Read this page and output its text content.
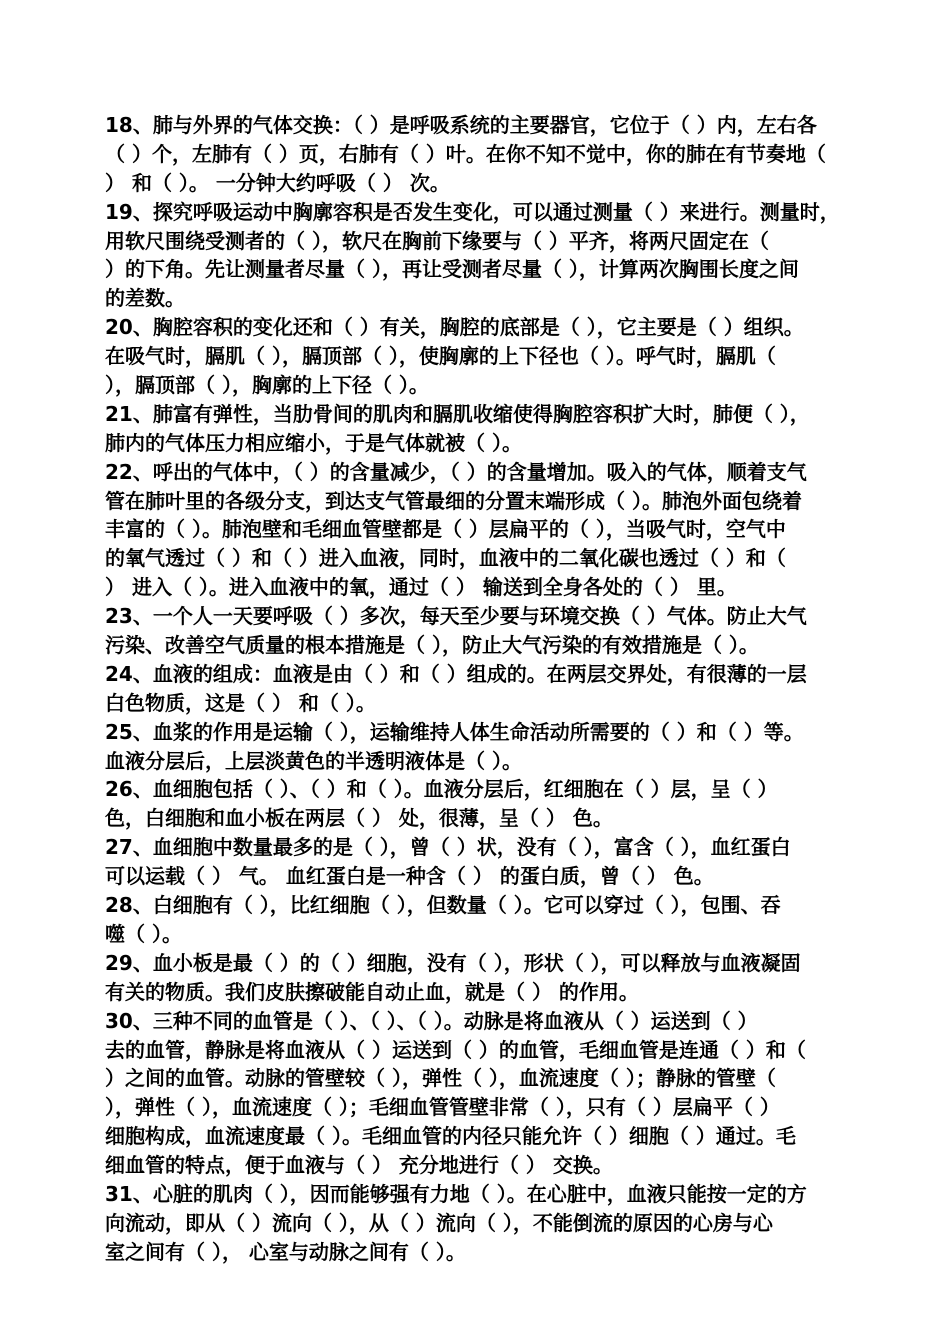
18、肺与外界的气体交换：（ ）是呼吸系统的主要器官，它位于（ ）内，左右各
（ ）个，左肺有（ ）页，右肺有（ ）叶。在你不知不觉中，你的肺在有节奏地（
） 和（ ）。 一分钟大约呼吸（ ） 次。
19、探究呼吸运动中胸廓容积是否发生变化，可以通过测量（ ）来进行。测量时，
用软尺围绕受测者的（ ），软尺在胸前下缘要与（ ）平齐，将两尺固定在（
）的下角。先让测量者尽量（ ），再让受测者尽量（ ），计算两次胸围长度之间
的差数。
20、胸腔容积的变化还和（ ）有关，胸腔的底部是（ ），它主要是（ ）组织。
在吸气时，膈肌（ ），膈顶部（ ），使胸廓的上下径也（ ）。呼气时，膈肌（
），膈顶部（ ），胸廓的上下径（ ）。
21、肺富有弹性，当肋骨间的肌肉和膈肌收缩使得胸腔容积扩大时，肺便（ ），
肺内的气体压力相应缩小，于是气体就被（ ）。
22、呼出的气体中，（ ）的含量减少，（ ）的含量增加。吸入的气体，顺着支气
管在肺叶里的各级分支，到达支气管最细的分置末端形成（ ）。肺泡外面包绕着
丰富的（ ）。肺泡壁和毛细血管壁都是（ ）层扁平的（ ），当吸气时，空气中
的氧气透过（ ）和（ ）进入血液，同时，血液中的二氧化碳也透过（ ）和（
） 进入（ ）。进入血液中的氧，通过（ ） 输送到全身各处的（ ） 里。
23、一个人一天要呼吸（ ）多次，每天至少要与环境交换（ ）气体。防止大气
污染、改善空气质量的根本措施是（ ），防止大气污染的有效措施是（ ）。
24、血液的组成：血液是由（ ）和（ ）组成的。在两层交界处，有很薄的一层
白色物质，这是（ ） 和（ ）。
25、血浆的作用是运输（ ），运输维持人体生命活动所需要的（ ）和（ ）等。
血液分层后，上层淡黄色的半透明液体是（ ）。
26、血细胞包括（ ）、（ ）和（ ）。血液分层后，红细胞在（ ）层，呈（ ）
色，白细胞和血小板在两层（ ） 处，很薄，呈（ ） 色。
27、血细胞中数量最多的是（ ），曾（ ）状，没有（ ），富含（ ），血红蛋白
可以运载（ ） 气。 血红蛋白是一种含（ ） 的蛋白质，曾（ ） 色。
28、白细胞有（ ），比红细胞（ ），但数量（ ）。它可以穿过（ ），包围、吞
噬（ ）。
29、血小板是最（ ）的（ ）细胞，没有（ ），形状（ ），可以释放与血液凝固
有关的物质。我们皮肤擦破能自动止血，就是（ ） 的作用。
30、三种不同的血管是（ ）、（ ）、（ ）。动脉是将血液从（ ）运送到（ ）
去的血管，静脉是将血液从（ ）运送到（ ）的血管，毛细血管是连通（ ）和（
）之间的血管。动脉的管壁较（ ），弹性（ ），血流速度（ ）；静脉的管壁（
），弹性（ ），血流速度（ ）；毛细血管管壁非常（ ），只有（ ）层扁平（ ）
细胞构成，血流速度最（ ）。毛细血管的内径只能允许（ ）细胞（ ）通过。毛
细血管的特点，便于血液与（ ） 充分地进行（ ） 交换。
31、心脏的肌肉（ ），因而能够强有力地（ ）。在心脏中，血液只能按一定的方
向流动，即从（ ）流向（ ），从（ ）流向（ ），不能倒流的原因的心房与心
室之间有（ ）， 心室与动脉之间有（ ）。
